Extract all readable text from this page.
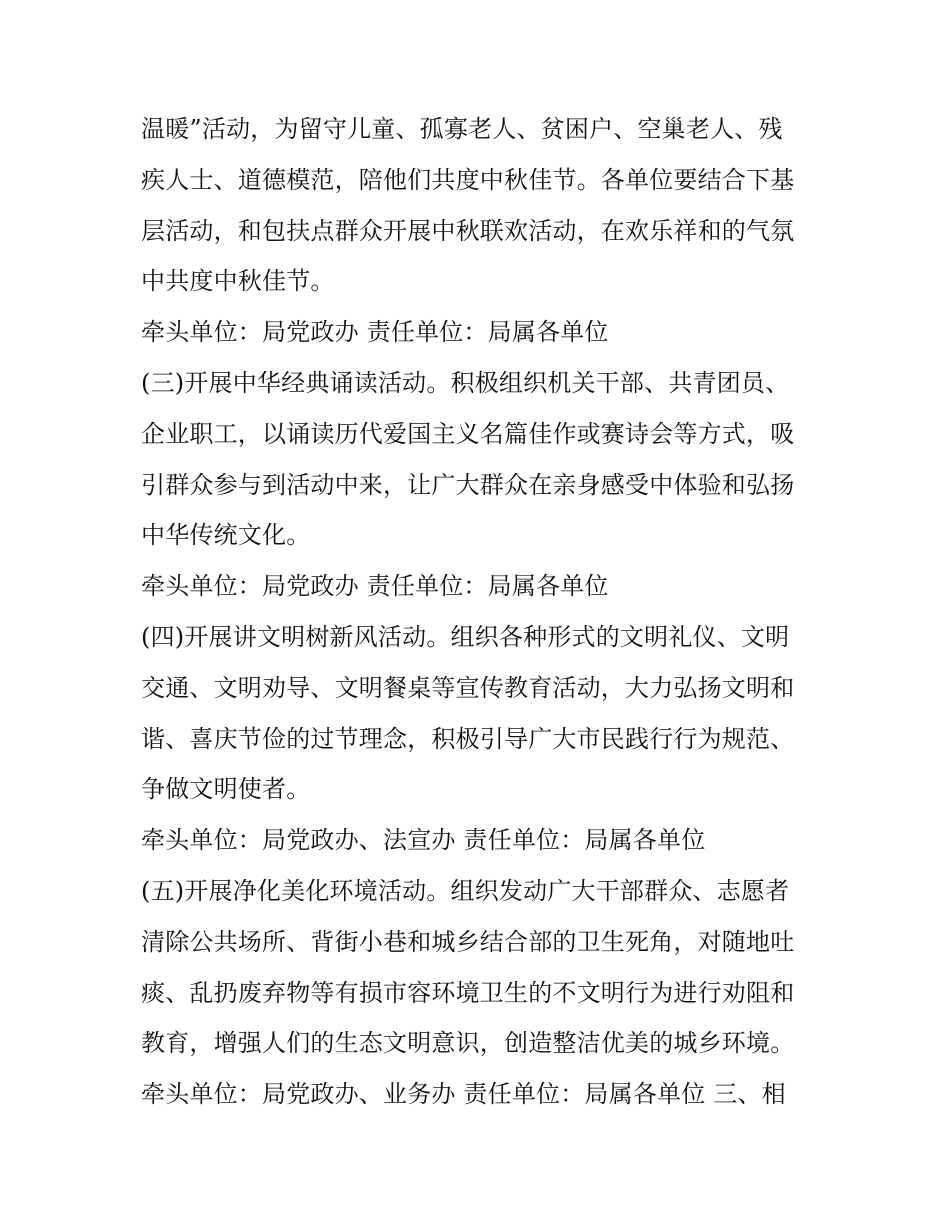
温暖”活动，为留守儿童、孤寡老人、贫困户、空巢老人、残
疾人士、道德模范，陪他们共度中秋佳节。各单位要结合下基
层活动，和包扶点群众开展中秋联欢活动，在欢乐祥和的气氛
中共度中秋佳节。
牵头单位：局党政办 责任单位：局属各单位
(三)开展中华经典诵读活动。积极组织机关干部、共青团员、
企业职工，以诵读历代爱国主义名篇佳作或赛诗会等方式，吸
引群众参与到活动中来，让广大群众在亲身感受中体验和弘扬
中华传统文化。
牵头单位：局党政办 责任单位：局属各单位
(四)开展讲文明树新风活动。组织各种形式的文明礼仪、文明
交通、文明劝导、文明餐桌等宣传教育活动，大力弘扬文明和
谐、喜庆节俭的过节理念，积极引导广大市民践行行为规范、
争做文明使者。
牵头单位：局党政办、法宣办 责任单位：局属各单位
(五)开展净化美化环境活动。组织发动广大干部群众、志愿者
清除公共场所、背街小巷和城乡结合部的卫生死角，对随地吐
痰、乱扔废弃物等有损市容环境卫生的不文明行为进行劝阻和
教育，增强人们的生态文明意识，创造整洁优美的城乡环境。
牵头单位：局党政办、业务办 责任单位：局属各单位 三、相
